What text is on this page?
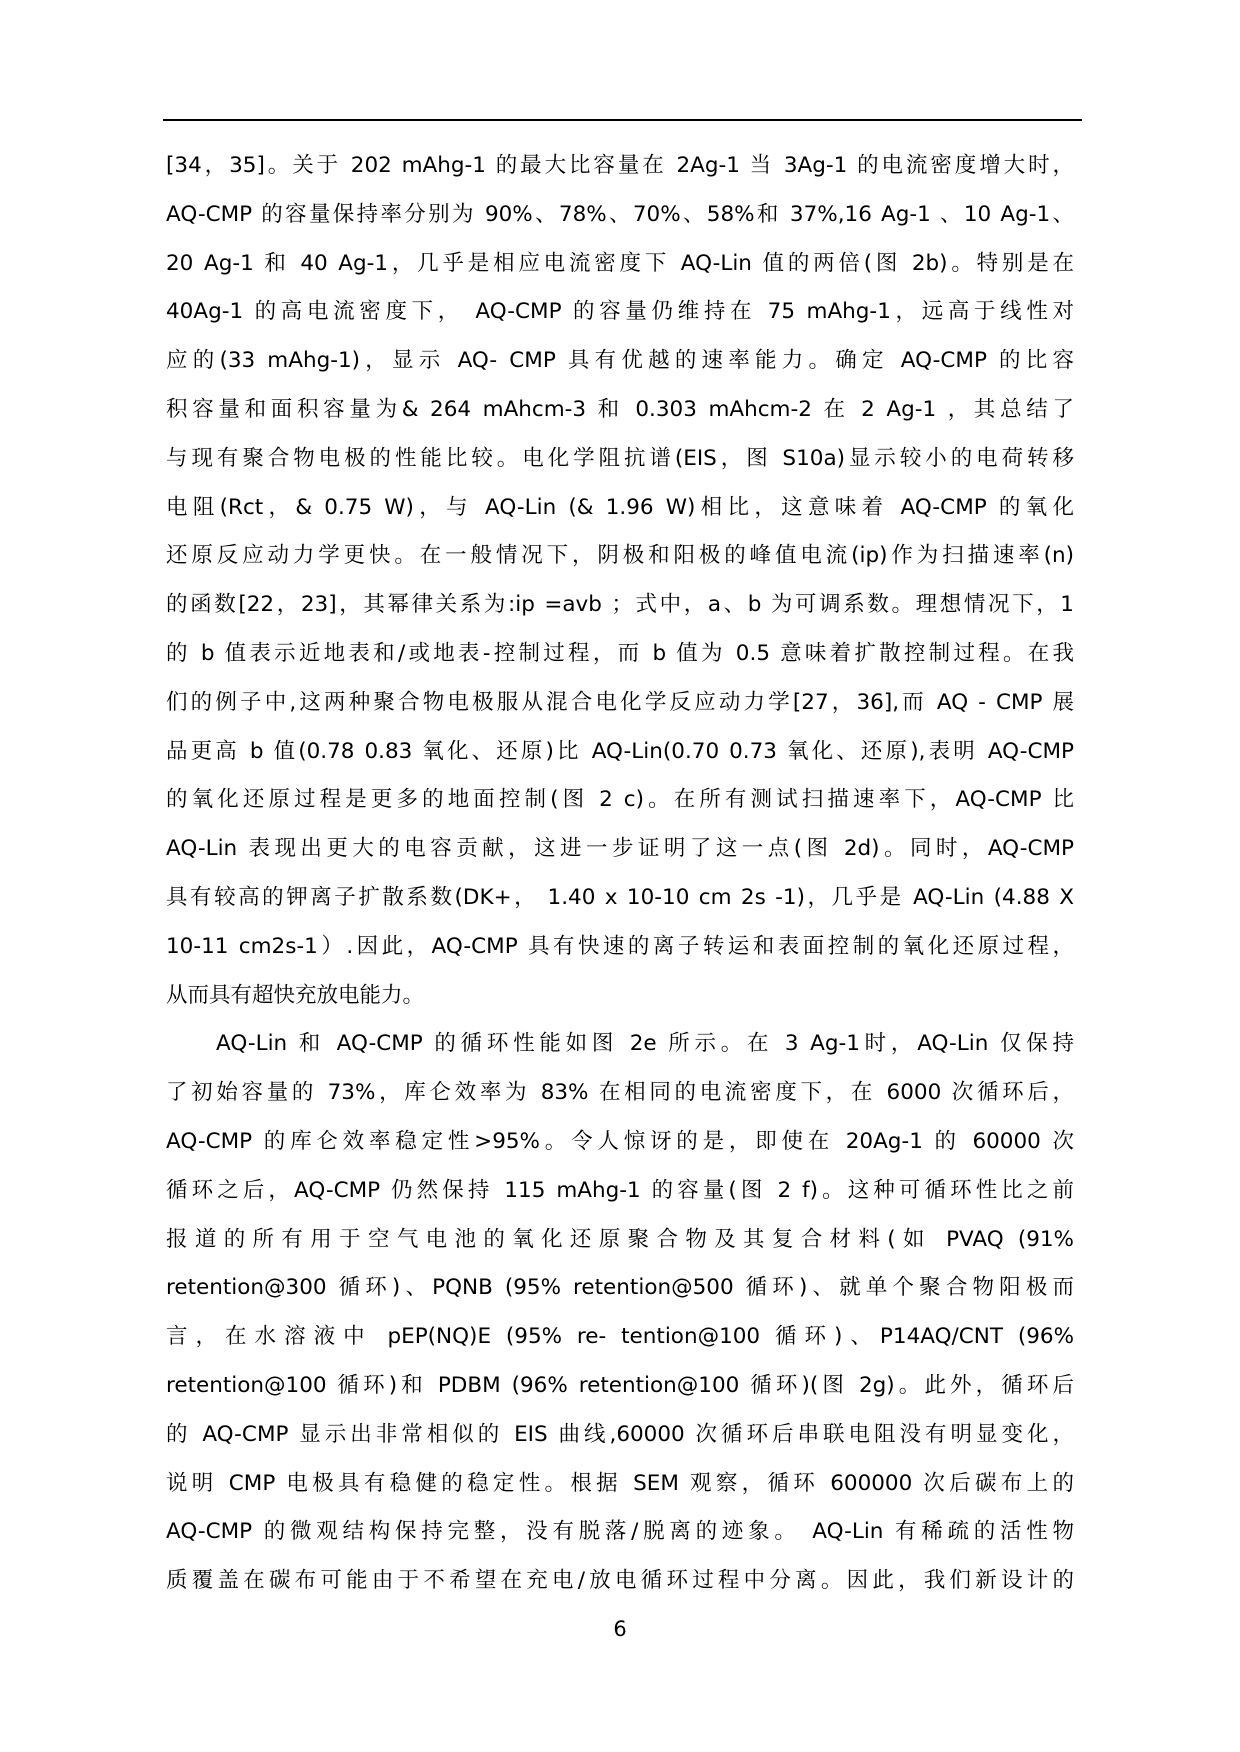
[34，35]。关于 202 mAhg-1 的最大比容量在 2Ag-1 当 3Ag-1 的电流密度增大时，
AQ-CMP 的容量保持率分别为 90%、78%、70%、58%和 37%,16 Ag-1 、10 Ag-1、
20 Ag-1 和 40 Ag-1，几乎是相应电流密度下 AQ-Lin 值的两倍(图 2b)。特别是在
40Ag-1 的高电流密度下， AQ-CMP 的容量仍维持在 75 mAhg-1，远高于线性对
应的(33 mAhg-1)，显示 AQ- CMP 具有优越的速率能力。确定 AQ-CMP 的比容
积容量和面积容量为& 264 mAhcm-3 和 0.303 mAhcm-2 在 2 Ag-1 ，其总结了
与现有聚合物电极的性能比较。电化学阻抗谱(EIS，图 S10a)显示较小的电荷转移
电阻(Rct，& 0.75 W)，与 AQ-Lin (& 1.96 W)相比，这意味着 AQ-CMP 的氧化
还原反应动力学更快。在一般情况下，阴极和阳极的峰值电流(ip)作为扫描速率(n)
的函数[22，23]，其幂律关系为:ip =avb ；式中，a、b 为可调系数。理想情况下，1
的 b 值表示近地表和/或地表-控制过程，而 b 值为 0.5 意味着扩散控制过程。在我
们的例子中,这两种聚合物电极服从混合电化学反应动力学[27，36],而 AQ - CMP 展
品更高 b 值(0.78 0.83 氧化、还原)比 AQ-Lin(0.70 0.73 氧化、还原),表明 AQ-CMP
的氧化还原过程是更多的地面控制(图 2 c)。在所有测试扫描速率下，AQ-CMP 比
AQ-Lin 表现出更大的电容贡献，这进一步证明了这一点(图 2d)。同时，AQ-CMP
具有较高的钾离子扩散系数(DK+， 1.40 x 10-10 cm 2s -1)，几乎是 AQ-Lin (4.88 X
10-11 cm2s-1）.因此，AQ-CMP 具有快速的离子转运和表面控制的氧化还原过程，
从而具有超快充放电能力。
AQ-Lin 和 AQ-CMP 的循环性能如图 2e 所示。在 3 Ag-1时，AQ-Lin 仅保持
了初始容量的 73%，库仑效率为 83% 在相同的电流密度下，在 6000 次循环后，
AQ-CMP 的库仑效率稳定性>95%。令人惊讶的是，即使在 20Ag-1 的 60000 次
循环之后，AQ-CMP 仍然保持 115 mAhg-1 的容量(图 2 f)。这种可循环性比之前
报道的所有用于空气电池的氧化还原聚合物及其复合材料(如 PVAQ (91%
retention@300 循环)、PQNB (95% retention@500 循环)、就单个聚合物阳极而
言，在水溶液中 pEP(NQ)E (95% re- tention@100 循环)、P14AQ/CNT (96%
retention@100 循环)和 PDBM (96% retention@100 循环)(图 2g)。此外，循环后
的 AQ-CMP 显示出非常相似的 EIS 曲线,60000 次循环后串联电阻没有明显变化，
说明 CMP 电极具有稳健的稳定性。根据 SEM 观察，循环 600000 次后碳布上的
AQ-CMP 的微观结构保持完整，没有脱落/脱离的迹象。 AQ-Lin 有稀疏的活性物
质覆盖在碳布可能由于不希望在充电/放电循环过程中分离。因此，我们新设计的
6
